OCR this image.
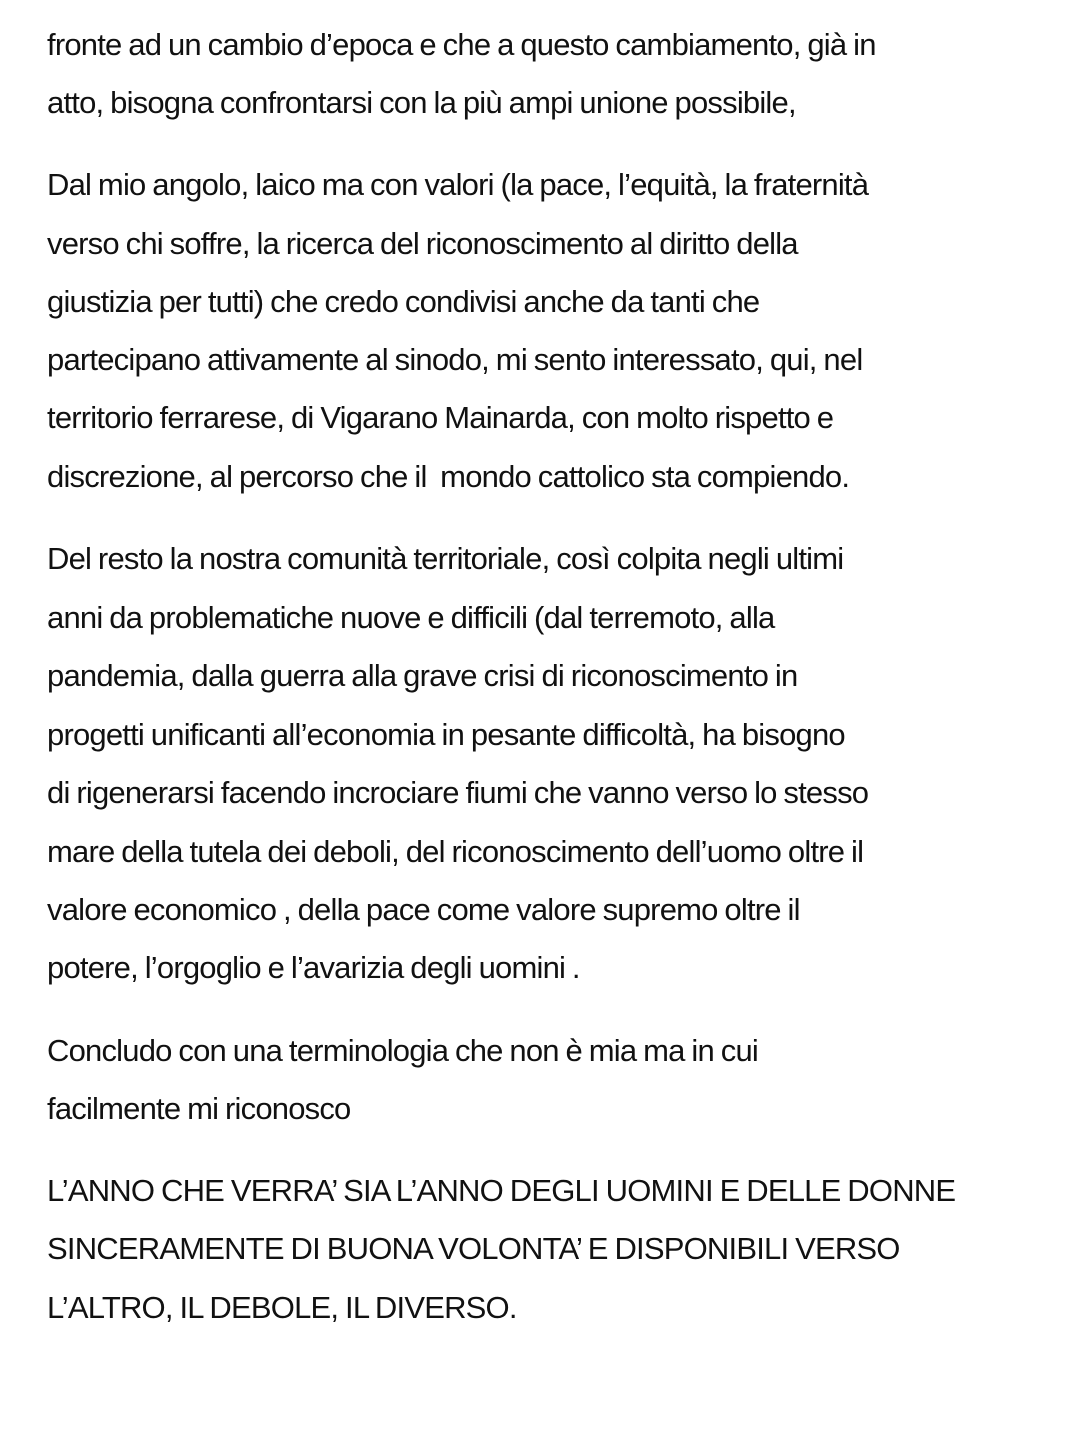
fronte ad un cambio d’epoca e che a questo cambiamento, già in
atto, bisogna confrontarsi con la più ampi unione possibile,
Dal mio angolo, laico ma con valori (la pace, l’equità, la fraternità
verso chi soffre, la ricerca del riconoscimento al diritto della
giustizia per tutti) che credo condivisi anche da tanti che
partecipano attivamente al sinodo, mi sento interessato, qui, nel
territorio ferrarese, di Vigarano Mainarda, con molto rispetto e
discrezione, al percorso che il  mondo cattolico sta compiendo.
Del resto la nostra comunità territoriale, così colpita negli ultimi
anni da problematiche nuove e difficili (dal terremoto, alla
pandemia, dalla guerra alla grave crisi di riconoscimento in
progetti unificanti all’economia in pesante difficoltà, ha bisogno
di rigenerarsi facendo incrociare fiumi che vanno verso lo stesso
mare della tutela dei deboli, del riconoscimento dell’uomo oltre il
valore economico , della pace come valore supremo oltre il
potere, l’orgoglio e l’avarizia degli uomini .
Concludo con una terminologia che non è mia ma in cui
facilmente mi riconosco
L’ANNO CHE VERRA’ SIA L’ANNO DEGLI UOMINI E DELLE DONNE
SINCERAMENTE DI BUONA VOLONTA’ E DISPONIBILI VERSO
L’ALTRO, IL DEBOLE, IL DIVERSO.
